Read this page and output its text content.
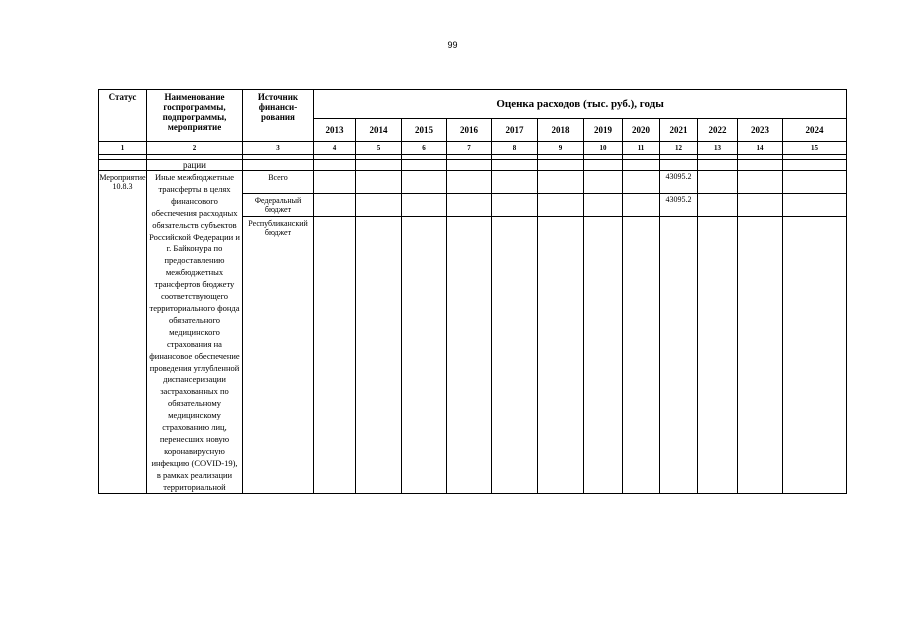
99
Статус	Наименование госпрограммы, подпрограммы, мероприятие	Источник финанси-рования	Оценка расходов (тыс. руб.), годы											
			2013	2014	2015	2016	2017	2018	2019	2020	2021	2022	2023	2024
1	2	3	4	5	6	7	8	9	10	11	12	13	14	15

	рации													
Мероприятие 10.8.3	Иные межбюджетные трансферты в целях финансового обеспечения расходных обязательств субъектов Российской Федерации и г. Байконура по предоставлению межбюджетных трансфертов бюджету соответствующего территориального фонда обязательного медицинского страхования на финансовое обеспечение проведения углубленной диспансеризации застрахованных по обязательному медицинскому страхованию лиц, перенесших новую коронавирусную инфекцию (COVID-19), в рамках реализации территориальной	Всего									43095.2			
		Федеральный бюджет									43095.2			
		Республиканский бюджет												
